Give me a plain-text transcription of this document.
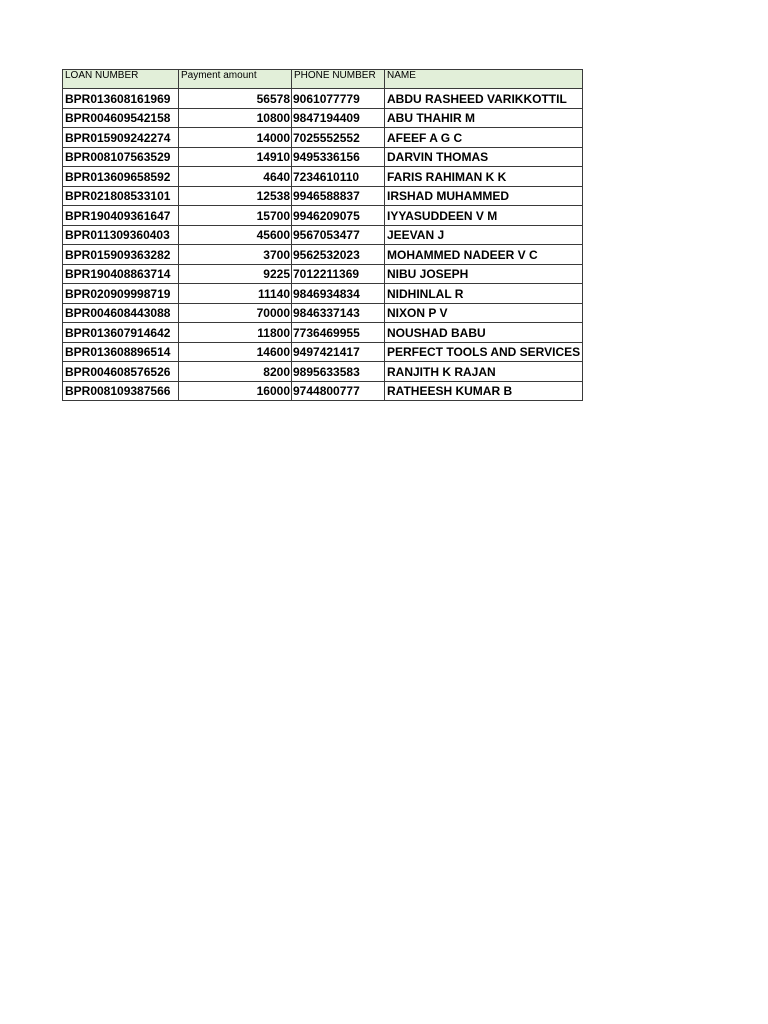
LOAN NUMBER	Payment amount	PHONE NUMBER	NAME
BPR013608161969	56578	9061077779	ABDU RASHEED VARIKKOTTIL
BPR004609542158	10800	9847194409	ABU THAHIR M
BPR015909242274	14000	7025552552	AFEEF A G C
BPR008107563529	14910	9495336156	DARVIN THOMAS
BPR013609658592	4640	7234610110	FARIS RAHIMAN K K
BPR021808533101	12538	9946588837	IRSHAD MUHAMMED
BPR190409361647	15700	9946209075	IYYASUDDEEN V M
BPR011309360403	45600	9567053477	JEEVAN J
BPR015909363282	3700	9562532023	MOHAMMED NADEER V C
BPR190408863714	9225	7012211369	NIBU JOSEPH
BPR020909998719	11140	9846934834	NIDHINLAL R
BPR004608443088	70000	9846337143	NIXON P V
BPR013607914642	11800	7736469955	NOUSHAD BABU
BPR013608896514	14600	9497421417	PERFECT TOOLS AND SERVICES
BPR004608576526	8200	9895633583	RANJITH K RAJAN
BPR008109387566	16000	9744800777	RATHEESH KUMAR B
